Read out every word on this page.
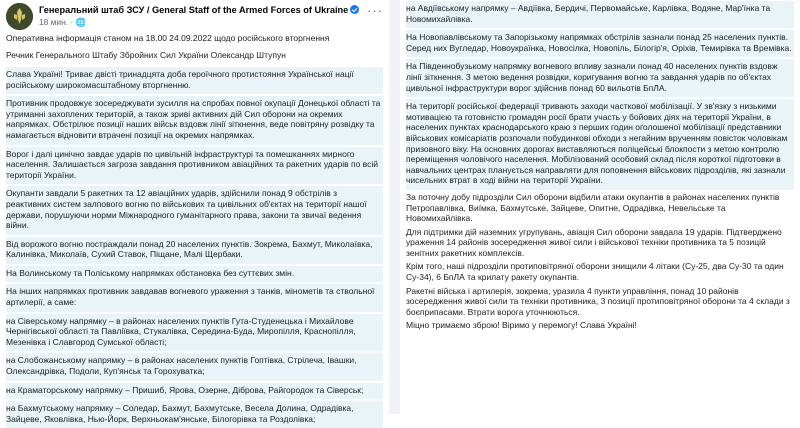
Генеральний штаб ЗСУ / General Staff of the Armed Forces of Ukraine
18 мин. · 🌐
···
Оперативна інформація станом на 18.00 24.09.2022 щодо російського вторгнення
Речник Генерального Штабу Збройних Сил України Олександр Штупун
Слава Україні! Триває двісті тринадцята доба героїчного протистояння Української нації російському широкомасштабному вторгненню.
Противник продовжує зосереджувати зусилля на спробах повної окупації Донецької області та утриманні захоплених територій, а також зриві активних дій Сил оборони на окремих напрямках. Обстрілює позиції наших військ вздовж лінії зіткнення, веде повітряну розвідку та намагається відновити втрачені позиції на окремих напрямках.
Ворог і далі цинічно завдає ударів по цивільній інфраструктурі та помешканнях мирного населення. Залишається загроза завдання противником авіаційних та ракетних ударів по всій території України.
Окупанти завдали 5 ракетних та 12 авіаційних ударів, здійснили понад 9 обстрілів з реактивних систем залпового вогню по військових та цивільних об'єктах на території нашої держави, порушуючи норми Міжнародного гуманітарного права, закони та звичаї ведення війни.
Від ворожого вогню постраждали понад 20 населених пунктів. Зокрема, Бахмут, Миколаївка, Калинівка, Миколаїв, Сухий Ставок, Піщане, Малі Щербаки.
На Волинському та Поліському напрямках обстановка без суттєвих змін.
На інших напрямках противник завдавав вогневого ураження з танків, мінометів та ствольної артилерії, а саме:
на Сіверському напрямку – в районах населених пунктів Гута-Студенецька і Михайлове Чернігівської області та Павліївка, Стукалівка, Середина-Буда, Миропілля, Краснопілля, Мезенівка і Славгород Сумської області;
на Слобожанському напрямку – в районах населених пунктів Гоптівка, Стрілеча, Івашки, Олександрівка, Подоли, Куп'янськ та Горохуватка;
на Краматорському напрямку – Пришиб, Ярова, Озерне, Діброва, Райгородок та Сіверськ;
на Бахмутському напрямку – Соледар, Бахмут, Бахмутське, Весела Долина, Одрадівка, Зайцеве, Яковлівка, Нью-Йорк, Верхньокам'янське, Білогорівка та Роздолівка;
на Авдіївському напрямку – Авдіївка, Бердичі, Первомайське, Карлівка, Водяне, Мар'їнка та Новомихайлівка.
На Новопавлівському та Запорізькому напрямках обстрілів зазнали понад 25 населених пунктів. Серед них Вугледар, Новоукраїнка, Новосілка, Новопіль, Білогір'я, Оріхів, Темирівка та Времівка.
На Південнобузькому напрямку вогневого впливу зазнали понад 40 населених пунктів вздовж лінії зіткнення. З метою ведення розвідки, коригування вогню та завдання ударів по об'єктах цивільної інфраструктури ворог здійснив понад 60 вильотів БпЛА.
На території російської федерації тривають заходи часткової мобілізації. У зв'язку з низькими мотивацією та готовністю громадян росії брати участь у бойових діях на території України, в населених пунктах краснодарського краю з перших годин оголошеної мобілізації представники військових комісаріатів розпочали побудинкові обходи з негайним врученням повісток чоловікам призовного віку. На основних дорогах виставляються поліцейські блокпости з метою контролю переміщення чоловічого населення. Мобілізований особовий склад після короткої підготовки в навчальних центрах планується направляти для поповнення військових підрозділів, які зазнали чисельних втрат в ході війни на території України.
За поточну добу підрозділи Сил оборони відбили атаки окупантів в районах населених пунктів Петропавлівка, Виїмка, Бахмутське, Зайцеве, Опитне, Одрадівка, Невельське та Новомихайлівка.
Для підтримки дій наземних угрупувань, авіація Сил оборони завдала 19 ударів. Підтверджено ураження 14 районів зосередження живої сили і військової техніки противника та 5 позицій зенітних ракетних комплексів.
Крім того, наші підрозділи протиповітряної оборони знищили 4 літаки (Су-25, два Су-30 та один Су-34), 6 БпЛА та крилату ракету окупантів.
Ракетні війська і артилерія, зокрема, уразила 4 пункти управління, понад 10 районів зосередження живої сили та техніки противника, 3 позиції протиповітряної оборони та 4 склади з боєприпасами. Втрати ворога уточнюються.
Міцно тримаємо зброю! Віримо у перемогу! Слава Україні!
